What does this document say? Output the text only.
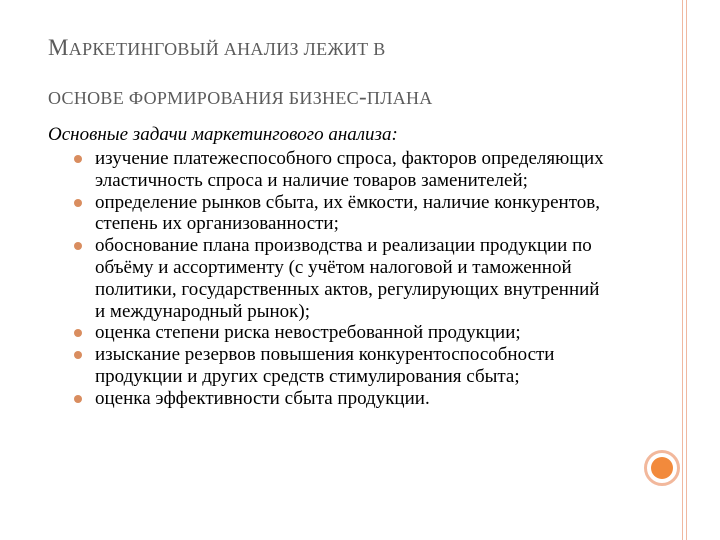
МАРКЕТИНГОВЫЙ АНАЛИЗ ЛЕЖИТ В
ОСНОВЕ ФОРМИРОВАНИЯ БИЗНЕС-ПЛАНА

Основные задачи маркетингового анализа:

изучение платежеспособного спроса, факторов определяющих эластичность спроса и наличие товаров заменителей;
определение рынков сбыта, их ёмкости, наличие конкурентов, степень их организованности;
обоснование плана производства и реализации продукции по объёму и ассортименту (с учётом налоговой и таможенной политики, государственных актов, регулирующих внутренний и международный рынок);
оценка степени риска невостребованной продукции;
изыскание резервов повышения конкурентоспособности продукции и других средств стимулирования сбыта;
оценка эффективности сбыта продукции.
